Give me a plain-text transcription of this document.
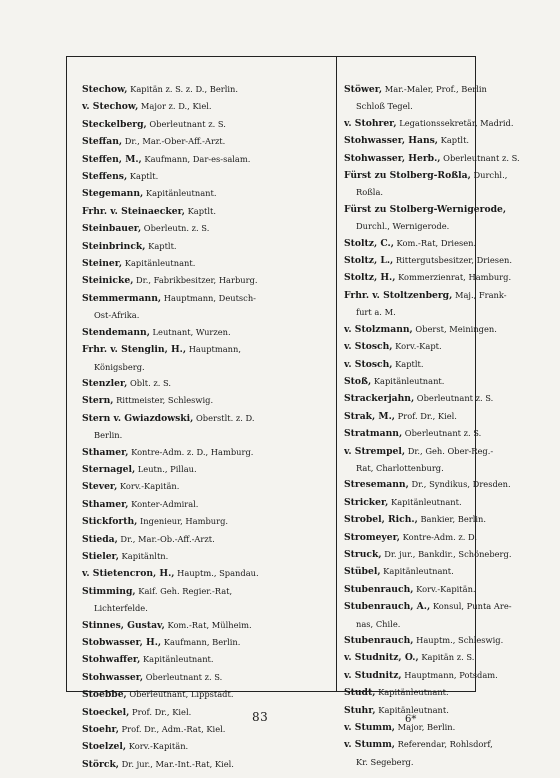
Stechow, Kapitän z. S. z. D., Berlin.
v. Stechow, Major z. D., Kiel.
Steckelberg, Oberleutnant z. S.
Steffan, Dr., Mar.-Ober-Aff.-Arzt.
Steffen, M., Kaufmann, Dar-es-salam.
Steffens, Kaptlt.
Stegemann, Kapitänleutnant.
Frhr. v. Steinaecker, Kaptlt.
Steinbauer, Oberleutn. z. S.
Steinbrinck, Kaptlt.
Steiner, Kapitänleutnant.
Steinicke, Dr., Fabrikbesitzer, Harburg.
Stemmermann, Hauptmann, Deutsch-
Ost-Afrika.
Stendemann, Leutnant, Wurzen.
Frhr. v. Stenglin, H., Hauptmann,
Königsberg.
Stenzler, Oblt. z. S.
Stern, Rittmeister, Schleswig.
Stern v. Gwiazdowski, Oberstlt. z. D.
Berlin.
Sthamer, Kontre-Adm. z. D., Hamburg.
Sternagel, Leutn., Pillau.
Stever, Korv.-Kapitän.
Sthamer, Konter-Admiral.
Stickforth, Ingenieur, Hamburg.
Stieda, Dr., Mar.-Ob.-Aff.-Arzt.
Stieler, Kapitänltn.
v. Stietencron, H., Hauptm., Spandau.
Stimming, Kaif. Geh. Regier.-Rat,
Lichterfelde.
Stinnes, Gustav, Kom.-Rat, Mülheim.
Stobwasser, H., Kaufmann, Berlin.
Stohwaffer, Kapitänleutnant.
Stohwasser, Oberleutnant z. S.
Stoebbe, Oberleutnant, Lippstadt.
Stoeckel, Prof. Dr., Kiel.
Stoehr, Prof. Dr., Adm.-Rat, Kiel.
Stoelzel, Korv.-Kapitän.
Störck, Dr. jur., Mar.-Int.-Rat, Kiel.
Stöwer, Mar.-Maler, Prof., Berlin
Schloß Tegel.
v. Stohrer, Legationssekretär, Madrid.
Stohwasser, Hans, Kaptlt.
Stohwasser, Herb., Oberleutnant z. S.
Fürst zu Stolberg-Roßla, Durchl.,
Roßla.
Fürst zu Stolberg-Wernigerode,
Durchl., Wernigerode.
Stoltz, C., Kom.-Rat, Driesen.
Stoltz, L., Rittergutsbesitzer, Driesen.
Stoltz, H., Kommerzienrat, Hamburg.
Frhr. v. Stoltzenberg, Maj., Frank-
furt a. M.
v. Stolzmann, Oberst, Meiningen.
v. Stosch, Korv.-Kapt.
v. Stosch, Kaptlt.
Stoß, Kapitänleutnant.
Strackerjahn, Oberleutnant z. S.
Strak, M., Prof. Dr., Kiel.
Stratmann, Oberleutnant z. S.
v. Strempel, Dr., Geh. Ober-Reg.-
Rat, Charlottenburg.
Stresemann, Dr., Syndikus, Dresden.
Stricker, Kapitänleutnant.
Strobel, Rich., Bankier, Berlin.
Stromeyer, Kontre-Adm. z. D.
Struck, Dr. jur., Bankdir., Schöneberg.
Stübel, Kapitänleutnant.
Stubenrauch, Korv.-Kapitän.
Stubenrauch, A., Konsul, Punta Are-
nas, Chile.
Stubenrauch, Hauptm., Schleswig.
v. Studnitz, O., Kapitän z. S.
v. Studnitz, Hauptmann, Potsdam.
Studt, Kapitänleutnant.
Stuhr, Kapitänleutnant.
v. Stumm, Major, Berlin.
v. Stumm, Referendar, Rohlsdorf,
Kr. Segeberg.
83	6*
